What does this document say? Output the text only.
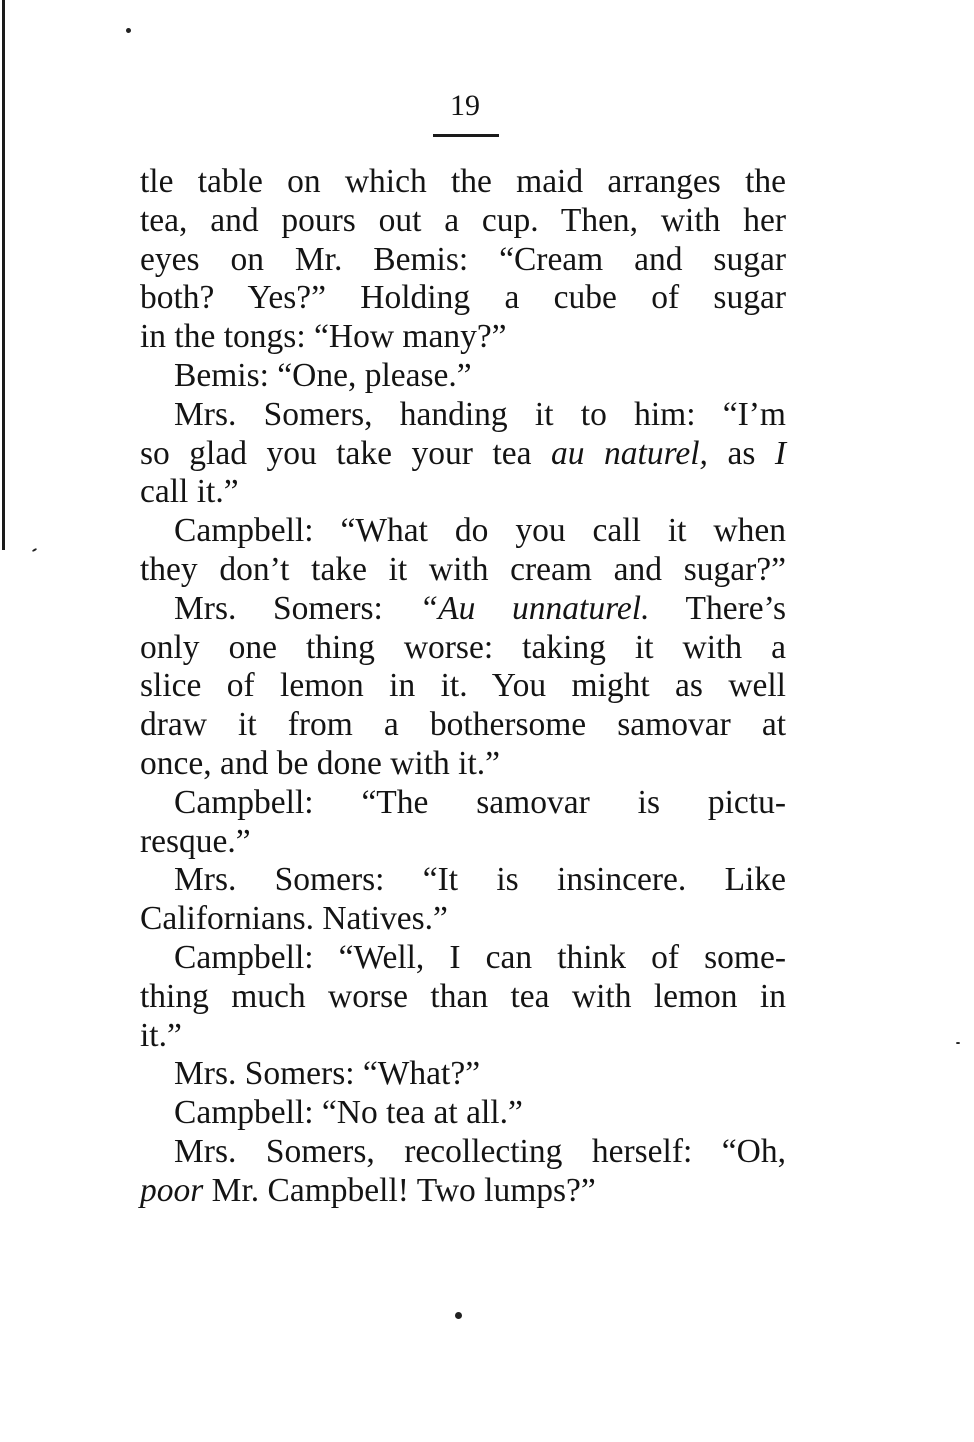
19
tle table on which the maid arranges the
tea, and pours out a cup. Then, with her
eyes on Mr. Bemis: “Cream and sugar
both? Yes?” Holding a cube of sugar
in the tongs: “How many?”
Bemis: “One, please.”
Mrs. Somers, handing it to him: “I’m
so glad you take your tea au naturel, as I
call it.”
Campbell: “What do you call it when
they don’t take it with cream and sugar?”
Mrs. Somers: “Au unnaturel. There’s
only one thing worse: taking it with a
slice of lemon in it. You might as well
draw it from a bothersome samovar at
once, and be done with it.”
Campbell: “The samovar is pictu-
resque.”
Mrs. Somers: “It is insincere. Like
Californians. Natives.”
Campbell: “Well, I can think of some-
thing much worse than tea with lemon in
it.”
Mrs. Somers: “What?”
Campbell: “No tea at all.”
Mrs. Somers, recollecting herself: “Oh,
poor Mr. Campbell! Two lumps?”
